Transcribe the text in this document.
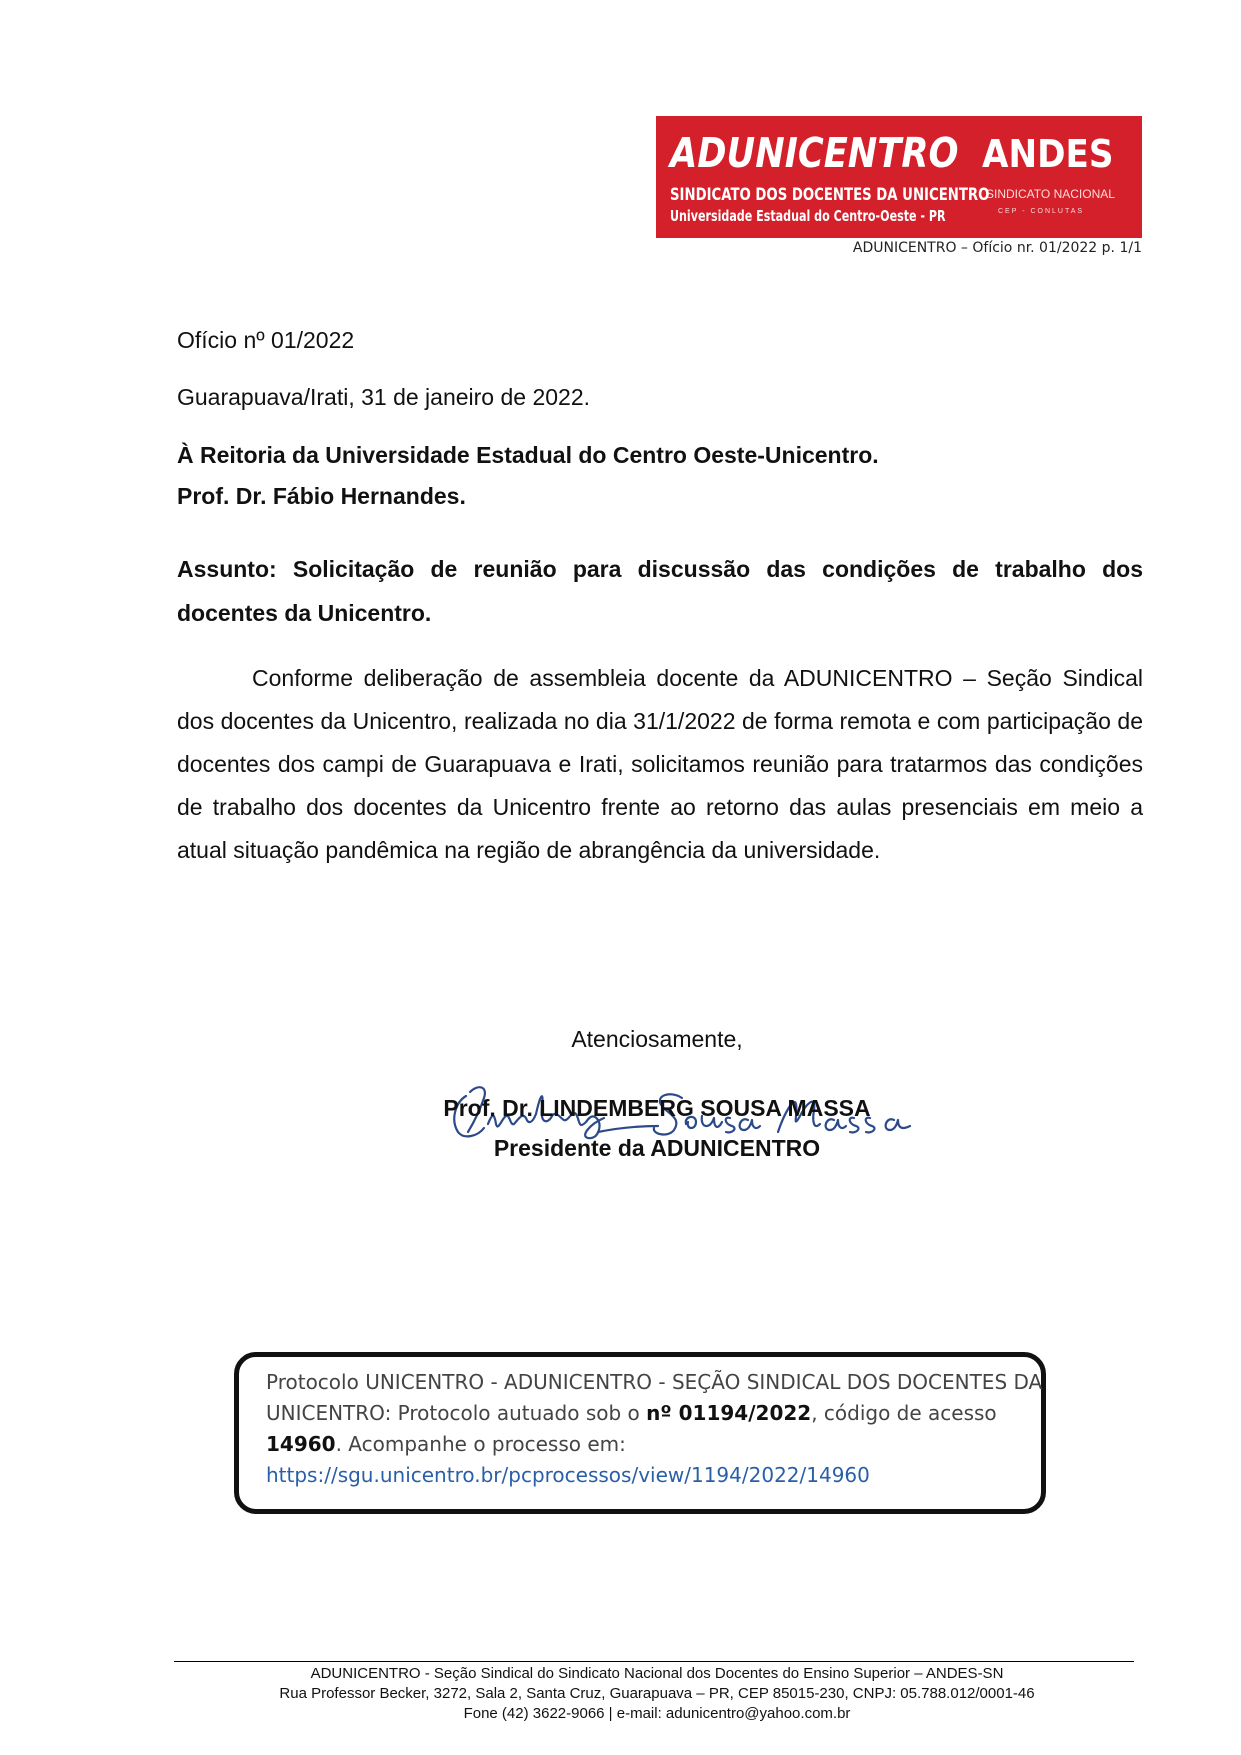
ADUNICENTRO
SINDICATO DOS DOCENTES DA UNICENTRO
Universidade Estadual do Centro-Oeste - PR
ANDES
SINDICATO NACIONAL
CEP - CONLUTAS
ADUNICENTRO – Ofício nr. 01/2022 p. 1/1
Ofício nº 01/2022
Guarapuava/Irati, 31 de janeiro de 2022.
À Reitoria da Universidade Estadual do Centro Oeste-Unicentro.
Prof. Dr. Fábio Hernandes.
Assunto: Solicitação de reunião para discussão das condições de trabalho dos docentes da Unicentro.
Conforme deliberação de assembleia docente da ADUNICENTRO – Seção Sindical dos docentes da Unicentro, realizada no dia 31/1/2022 de forma remota e com participação de docentes dos campi de Guarapuava e Irati, solicitamos reunião para tratarmos das condições de trabalho dos docentes da Unicentro frente ao retorno das aulas presenciais em meio a atual situação pandêmica na região de abrangência da universidade.
Atenciosamente,
Prof. Dr. LINDEMBERG SOUSA MASSA
Presidente da ADUNICENTRO
Protocolo UNICENTRO - ADUNICENTRO - SEÇÃO SINDICAL DOS DOCENTES DA
UNICENTRO: Protocolo autuado sob o nº 01194/2022, código de acesso
14960. Acompanhe o processo em:
https://sgu.unicentro.br/pcprocessos/view/1194/2022/14960
ADUNICENTRO - Seção Sindical do Sindicato Nacional dos Docentes do Ensino Superior – ANDES-SN
Rua Professor Becker, 3272, Sala 2, Santa Cruz, Guarapuava – PR, CEP 85015-230, CNPJ: 05.788.012/0001-46
Fone (42) 3622-9066 | e-mail: adunicentro@yahoo.com.br
